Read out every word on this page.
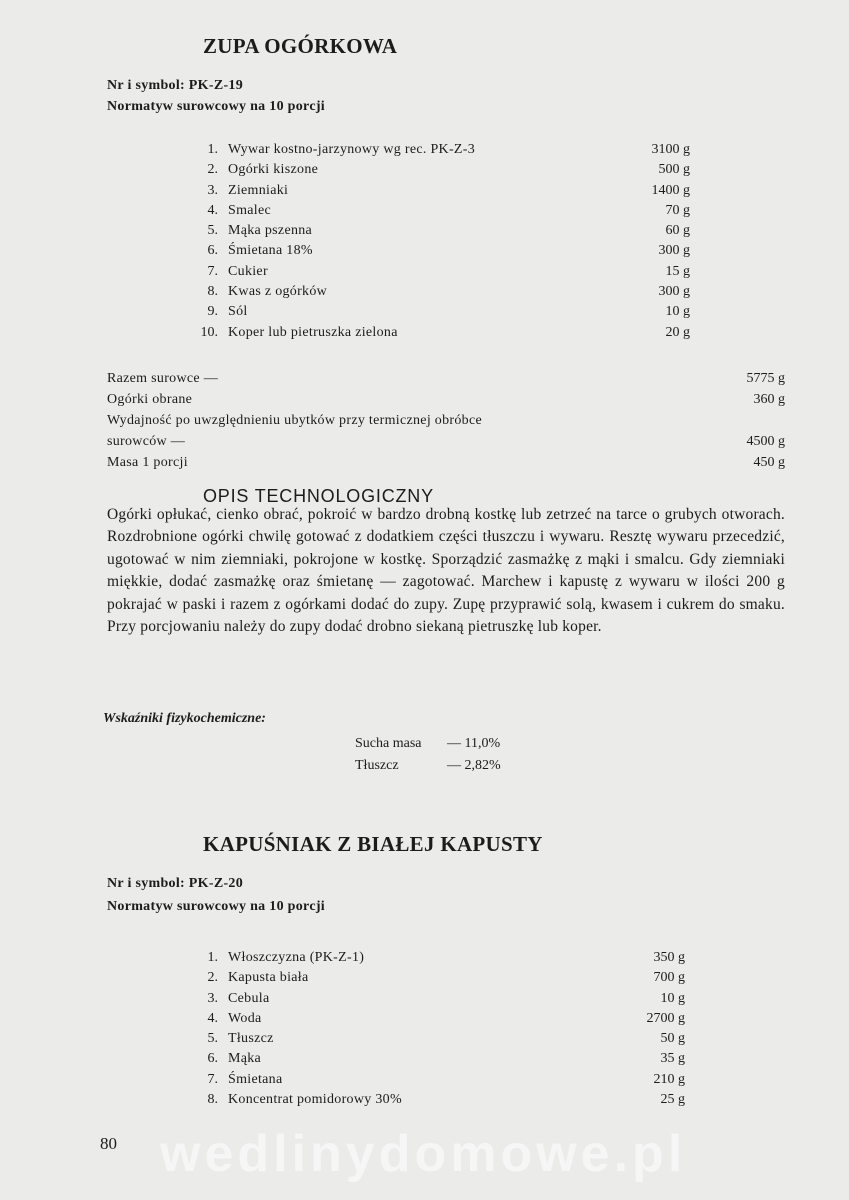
ZUPA OGÓRKOWA
Nr i symbol: PK-Z-19
Normatyw surowcowy na 10 porcji
1. Wywar kostno-jarzynowy wg rec. PK-Z-3	3100 g
2. Ogórki kiszone	500 g
3. Ziemniaki	1400 g
4. Smalec	70 g
5. Mąka pszenna	60 g
6. Śmietana 18%	300 g
7. Cukier	15 g
8. Kwas z ogórków	300 g
9. Sól	10 g
10. Koper lub pietruszka zielona	20 g
Razem surowce —	5775 g
Ogórki obrane	360 g
Wydajność po uwzględnieniu ubytków przy termicznej obróbce
surowców —	4500 g
Masa 1 porcji	450 g
OPIS TECHNOLOGICZNY
Ogórki opłukać, cienko obrać, pokroić w bardzo drobną kostkę lub zetrzeć na tarce o grubych otworach. Rozdrobnione ogórki chwilę gotować z dodatkiem części tłuszczu i wywaru. Resztę wywaru przecedzić, ugotować w nim ziemniaki, pokrojone w kostkę. Sporządzić zasmażkę z mąki i smalcu. Gdy ziemniaki miękkie, dodać zasmażkę oraz śmietanę — zagotować. Marchew i kapustę z wywaru w ilości 200 g pokrajać w paski i razem z ogórkami dodać do zupy. Zupę przyprawić solą, kwasem i cukrem do smaku. Przy porcjowaniu należy do zupy dodać drobno siekaną pietruszkę lub koper.
Wskaźniki fizykochemiczne:
Sucha masa — 11,0%
Tłuszcz	— 2,82%
KAPUŚNIAK Z BIAŁEJ KAPUSTY
Nr i symbol: PK-Z-20
Normatyw surowcowy na 10 porcji
1. Włoszczyzna (PK-Z-1)	350 g
2. Kapusta biała	700 g
3. Cebula	10 g
4. Woda	2700 g
5. Tłuszcz	50 g
6. Mąka	35 g
7. Śmietana	210 g
8. Koncentrat pomidorowy 30%	25 g
wedlinydomowe.pl
80
